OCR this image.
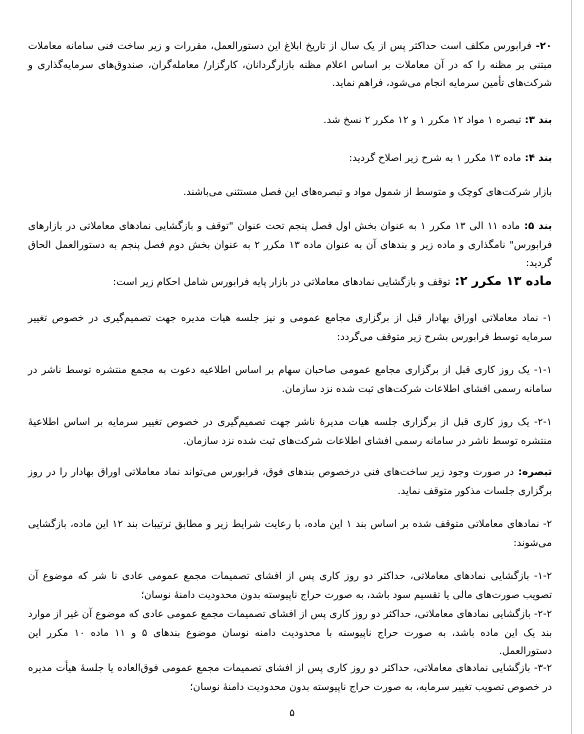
۲۰- فرابورس مکلف است حداکثر پس از یک سال از تاریخ ابلاغ این دستورالعمل، مقررات و زیر ساخت فنی سامانه معاملات مبتنی بر مظنه را که در آن معاملات بر اساس اعلام مظنه بازارگردانان، کارگزار/ معامله‌گران، صندوق‌های سرمایه‌گذاری و شرکت‌های تأمین سرمایه انجام می‌شود، فراهم نماید.

بند ۳: تبصره ۱ مواد ۱۲ مکرر ۱ و ۱۲ مکرر ۲ نسخ شد.

بند ۴: ماده ۱۳ مکرر ۱ به شرح زیر اصلاح گردید:

بازار شرکت‌های کوچک و متوسط از شمول مواد و تبصره‌های این فصل مستثنی می‌باشند.

بند ۵: ماده ۱۱ الی ۱۳ مکرر ۱ به عنوان بخش اول فصل پنجم تحت عنوان "توقف و بازگشایی نمادهای معاملاتی در بازارهای فرابورس" نامگذاری و ماده زیر و بندهای آن به عنوان ماده ۱۳ مکرر ۲ به عنوان بخش دوم فصل پنجم به دستورالعمل الحاق گردید:

ماده ۱۳ مکرر ۲: توقف و بازگشایی نمادهای معاملاتی در بازار پایه فرابورس شامل احکام زیر است:

۱- نماد معاملاتی اوراق بهادار قبل از برگزاری مجامع عمومی و نیز جلسه هیات مدیره جهت تصمیم‌گیری در خصوص تغییر سرمایه توسط فرابورس بشرح زیر متوقف می‌گردد:

۱-۱- یک روز کاری قبل از برگزاری مجامع عمومی صاحبان سهام بر اساس اطلاعیه دعوت به مجمع منتشره توسط ناشر در سامانه رسمی افشای اطلاعات شرکت‌های ثبت شده نزد سازمان.

۲-۱- یک روز کاری قبل از برگزاری جلسه هیات مدیرهٔ ناشر جهت تصمیم‌گیری در خصوص تغییر سرمایه بر اساس اطلاعیهٔ منتشره توسط ناشر در سامانه رسمی افشای اطلاعات شرکت‌های ثبت شده نزد سازمان.

تبصره: در صورت وجود زیر ساخت‌های فنی درخصوص بندهای فوق، فرابورس می‌تواند نماد معاملاتی اوراق بهادار را در روز برگزاری جلسات مذکور متوقف نماید.

۲- نمادهای معاملاتی متوقف شده بر اساس بند ۱ این ماده، با رعایت شرایط زیر و مطابق ترتیبات بند ۱۲ این ماده، بازگشایی می‌شوند:

۱-۲- بازگشایی نمادهای معاملاتی، حداکثر دو روز کاری پس از افشای تصمیمات مجمع عمومی عادی نا شر که موضوع آن تصویب صورت‌های مالی یا تقسیم سود باشد، به صورت حراج ناپیوسته بدون محدودیت دامنهٔ نوسان؛

۲-۲- بازگشایی نمادهای معاملاتی، حداکثر دو روز کاری پس از افشای تصمیمات مجمع عمومی عادی که موضوع آن غیر از موارد بند یک این ماده باشد، به صورت حراج ناپیوسته با محدودیت دامنه نوسان موضوع بندهای ۵ و ۱۱ ماده ۱۰ مکرر این دستورالعمل.

۳-۲- بازگشایی نمادهای معاملاتی، حداکثر دو روز کاری پس از افشای تصمیمات مجمع عمومی فوق‌العاده یا جلسهٔ هیأت مدیره در خصوص تصویب تغییر سرمایه، به صورت حراج ناپیوسته بدون محدودیت دامنهٔ نوسان؛

۵
